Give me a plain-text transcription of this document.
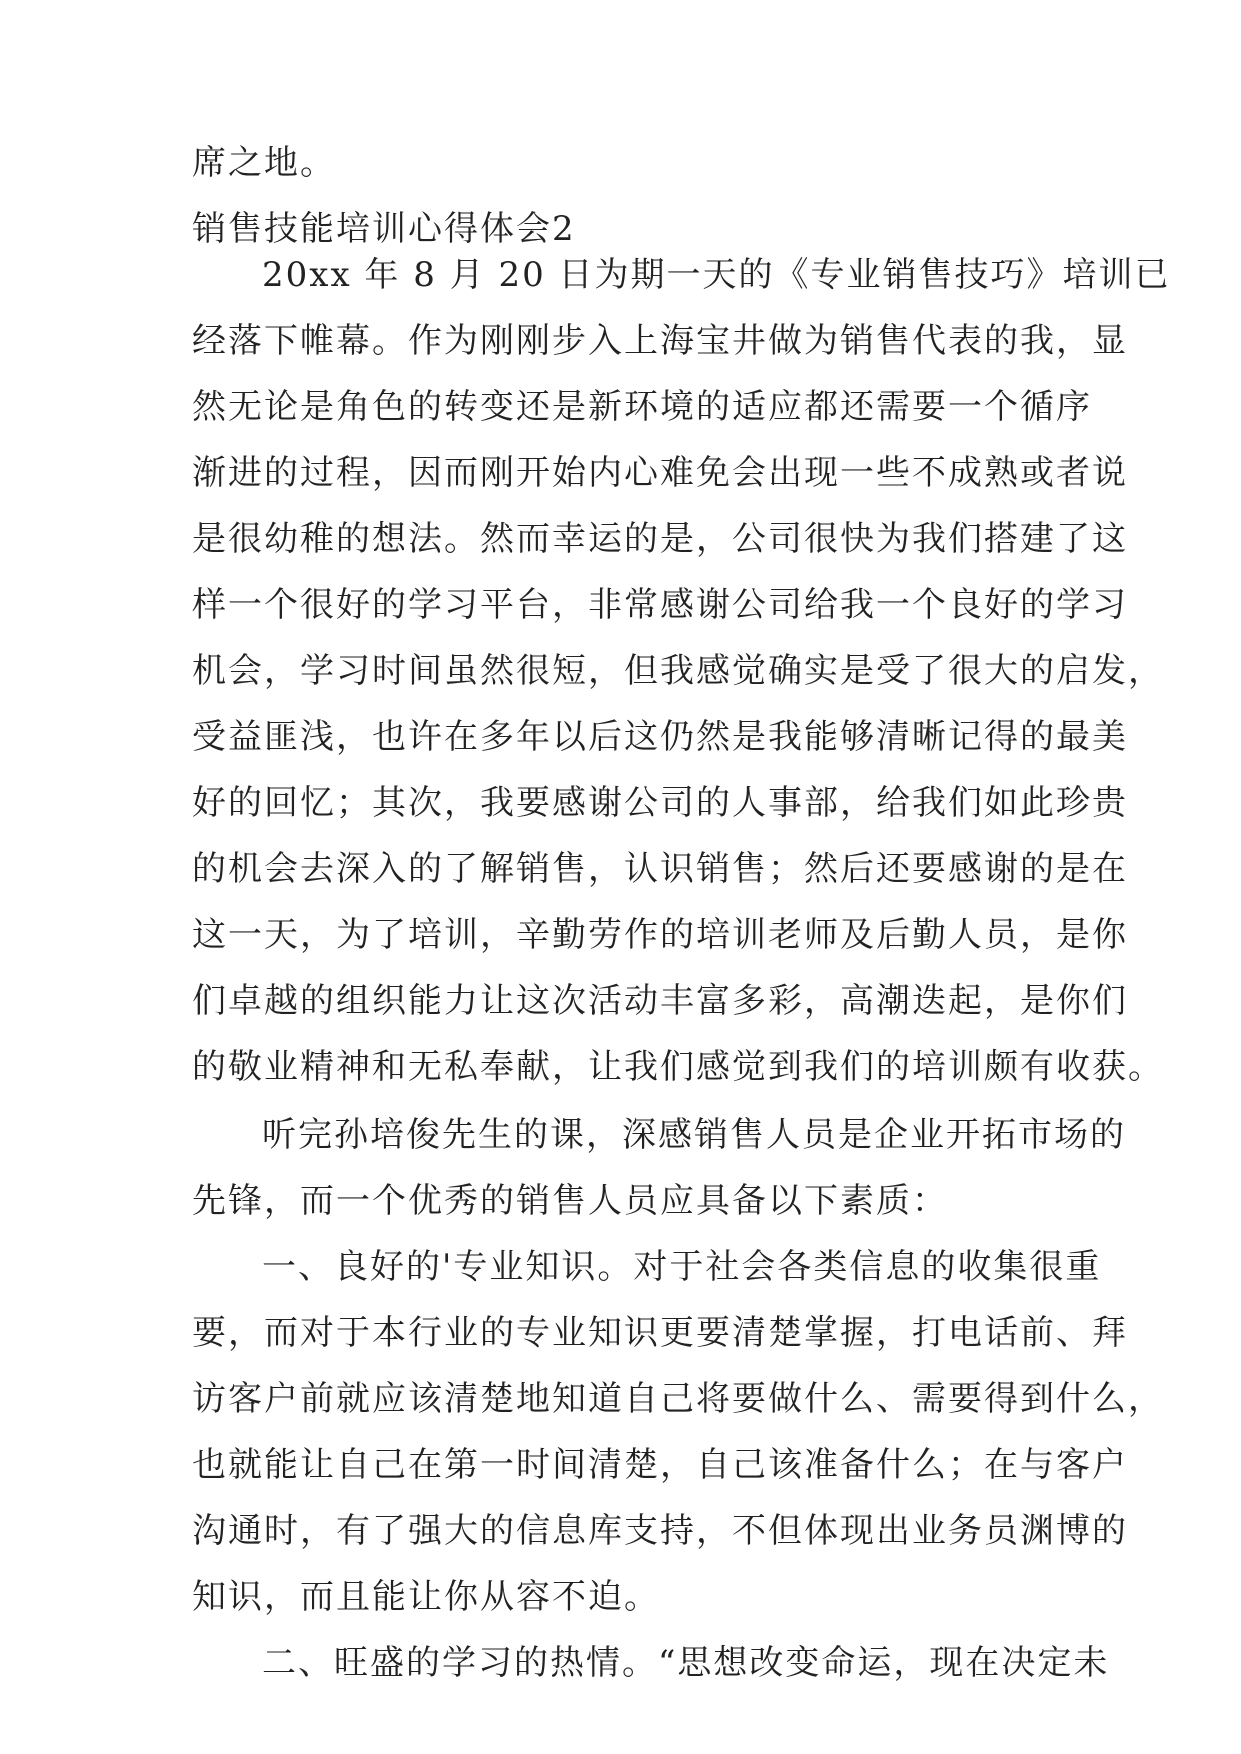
席之地。
销售技能培训心得体会2
20xx 年 8 月 20 日为期一天的《专业销售技巧》培训已
经落下帷幕。作为刚刚步入上海宝井做为销售代表的我，显
然无论是角色的转变还是新环境的适应都还需要一个循序
渐进的过程，因而刚开始内心难免会出现一些不成熟或者说
是很幼稚的想法。然而幸运的是，公司很快为我们搭建了这
样一个很好的学习平台，非常感谢公司给我一个良好的学习
机会，学习时间虽然很短，但我感觉确实是受了很大的启发，
受益匪浅，也许在多年以后这仍然是我能够清晰记得的最美
好的回忆；其次，我要感谢公司的人事部，给我们如此珍贵
的机会去深入的了解销售，认识销售；然后还要感谢的是在
这一天，为了培训，辛勤劳作的培训老师及后勤人员，是你
们卓越的组织能力让这次活动丰富多彩，高潮迭起，是你们
的敬业精神和无私奉献，让我们感觉到我们的培训颇有收获。
听完孙培俊先生的课，深感销售人员是企业开拓市场的
先锋，而一个优秀的销售人员应具备以下素质：
一、良好的'专业知识。对于社会各类信息的收集很重
要，而对于本行业的专业知识更要清楚掌握，打电话前、拜
访客户前就应该清楚地知道自己将要做什么、需要得到什么，
也就能让自己在第一时间清楚，自己该准备什么；在与客户
沟通时，有了强大的信息库支持，不但体现出业务员渊博的
知识，而且能让你从容不迫。
二、旺盛的学习的热情。“思想改变命运，现在决定未
